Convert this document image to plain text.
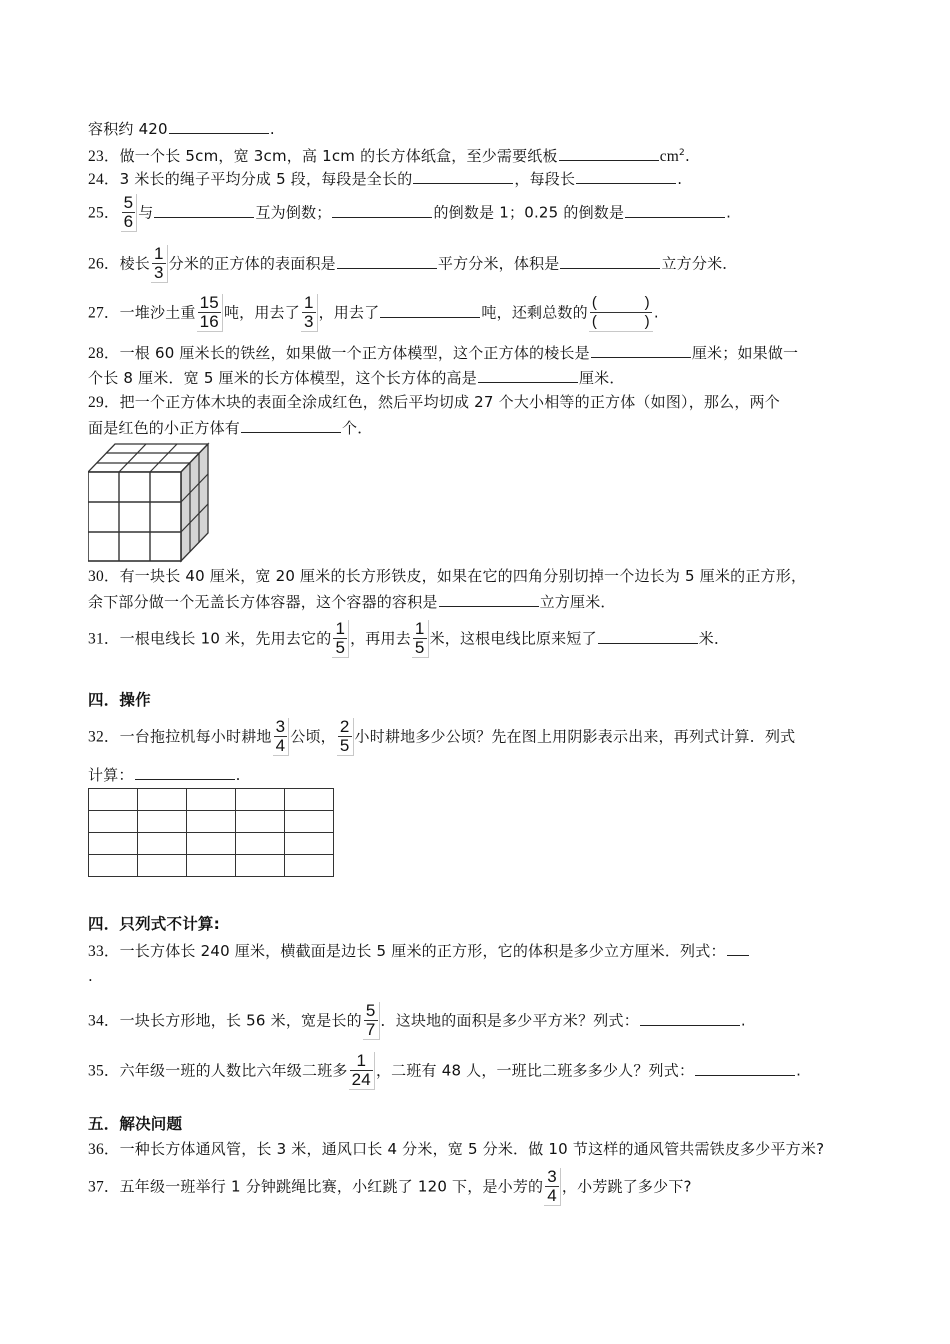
容积约 420	.
23．做一个长 5cm，宽 3cm，高 1cm 的长方体纸盒，至少需要纸板	$cm^2$.
24．3 米长的绳子平均分成 5 段，每段是全长的	，每段长	.
25． $\frac{5}{6}$ 与	互为倒数；	的倒数是 1；0.25 的倒数是	.
26．棱长 $\frac{1}{3}$ 分米的正方体的表面积是	平方分米，体积是	立方分米．
27．一堆沙土重 $\frac{15}{16}$ 吨，用去了 $\frac{1}{3}$ ，用去了	吨，还剩总数的 (	)
(	) .
28．一根 60 厘米长的铁丝，如果做一个正方体模型，这个正方体的棱长是	厘米；如果做一
个长 8 厘米．宽 5 厘米的长方体模型，这个长方体的高是	厘米．
29．把一个正方体木块的表面全涂成红色，然后平均切成 27 个大小相等的正方体（如图），那么，两个
面是红色的小正方体有	个．
30．有一块长 40 厘米，宽 20 厘米的长方形铁皮，如果在它的四角分别切掉一个边长为 5 厘米的正方形，
余下部分做一个无盖长方体容器，这个容器的容积是	立方厘米．
31．一根电线长 10 米，先用去它的 $\frac{1}{5}$ ，再用去 $\frac{1}{5}$ 米，这根电线比原来短了	米．
四．操作
32．一台拖拉机每小时耕地 $\frac{3}{4}$ 公顷， $\frac{2}{5}$ 小时耕地多少公顷？先在图上用阴影表示出来，再列式计算．列式
计算：	.

四．只列式不计算:
33．一长方体长 240 厘米，横截面是边长 5 厘米的正方形，它的体积是多少立方厘米．列式：
.
34．一块长方形地，长 56 米，宽是长的 $\frac{5}{7}$ ．这块地的面积是多少平方米？列式：	.
35．六年级一班的人数比六年级二班多 $\frac{1}{24}$ ，二班有 48 人，一班比二班多多少人？列式：	.
五．解决问题
36．一种长方体通风管，长 3 米，通风口长 4 分米，宽 5 分米．做 10 节这样的通风管共需铁皮多少平方米?
37．五年级一班举行 1 分钟跳绳比赛，小红跳了 120 下，是小芳的 $\frac{3}{4}$ ，小芳跳了多少下?
